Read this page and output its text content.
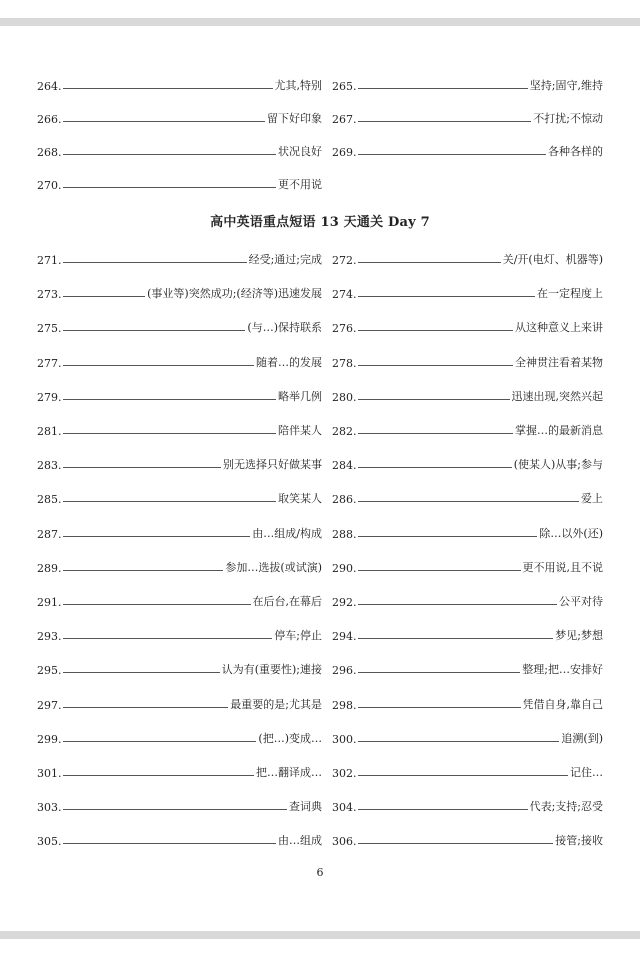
264.	尤其,特别 265.	坚持;固守,维持
266.	留下好印象 267.	不打扰;不惊动
268.	状况良好 269.	各种各样的
270.	更不用说
高中英语重点短语 13 天通关 Day 7
271.	经受;通过;完成 272.	关/开(电灯、机器等)
273.	(事业等)突然成功;(经济等)迅速发展 274.	在一定程度上
275.	(与…)保持联系 276.	从这种意义上来讲
277.	随着…的发展 278.	全神贯注看着某物
279.	略举几例 280.	迅速出现,突然兴起
281.	陪伴某人 282.	掌握…的最新消息
283.	别无选择只好做某事 284.	(使某人)从事;参与
285.	取笑某人 286.	爱上
287.	由…组成/构成 288.	除…以外(还)
289.	参加…选拔(或试演) 290.	更不用说,且不说
291.	在后台,在幕后 292.	公平对待
293.	停车;停止 294.	梦见;梦想
295.	认为有(重要性);連接 296.	整理;把…安排好
297.	最重要的是;尤其是 298.	凭借自身,靠自己
299.	(把…)变成… 300.	追溯(到)
301.	把…翻译成… 302.	记住…
303.	查词典 304.	代表;支持;忍受
305.	由…组成 306.	接管;接收
6
